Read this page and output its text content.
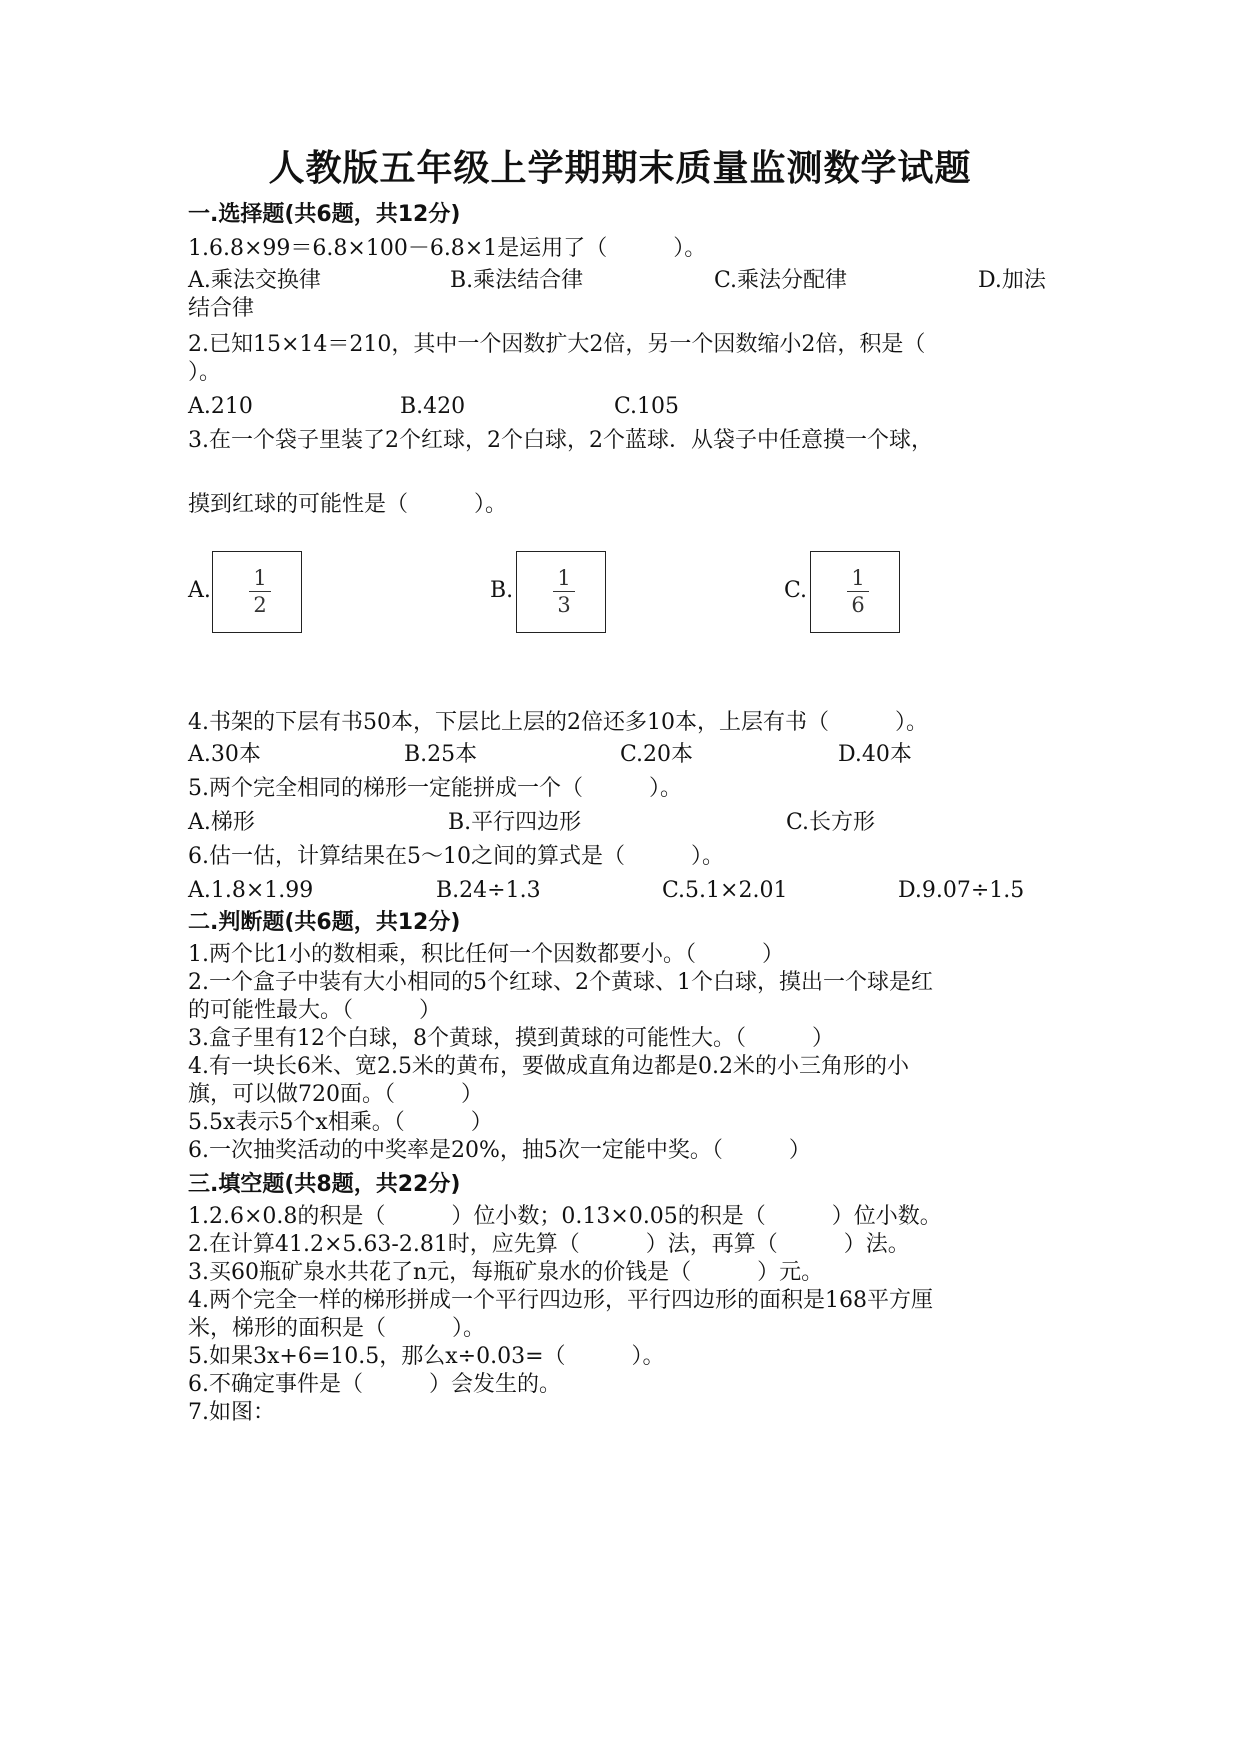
人教版五年级上学期期末质量监测数学试题
一.选择题(共6题，共12分)
1.6.8×99＝6.8×100－6.8×1是运用了（　　　）。
A.乘法交换律	B.乘法结合律	C.乘法分配律	D.加法
结合律
2.已知15×14＝210，其中一个因数扩大2倍，另一个因数缩小2倍，积是（
）。
A.210	B.420	C.105
3.在一个袋子里装了2个红球，2个白球，2个蓝球．从袋子中任意摸一个球，
摸到红球的可能性是（　　　）。
A. 1
2
B. 1
3
C. 1
6
4.书架的下层有书50本，下层比上层的2倍还多10本，上层有书（　　　）。
A.30本	B.25本	C.20本	D.40本
5.两个完全相同的梯形一定能拼成一个（　　　）。
A.梯形	B.平行四边形	C.长方形
6.估一估，计算结果在5～10之间的算式是（　　　）。
A.1.8×1.99	B.24÷1.3	C.5.1×2.01	D.9.07÷1.5
二.判断题(共6题，共12分)
1.两个比1小的数相乘，积比任何一个因数都要小。（　　　）
2.一个盒子中装有大小相同的5个红球、2个黄球、1个白球，摸出一个球是红
的可能性最大。（　　　）
3.盒子里有12个白球，8个黄球，摸到黄球的可能性大。（　　　）
4.有一块长6米、宽2.5米的黄布，要做成直角边都是0.2米的小三角形的小
旗，可以做720面。（　　　）
5.5x表示5个x相乘。（　　　）
6.一次抽奖活动的中奖率是20%，抽5次一定能中奖。（　　　）
三.填空题(共8题，共22分)
1.2.6×0.8的积是（　　　）位小数；0.13×0.05的积是（　　　）位小数。
2.在计算41.2×5.63-2.81时，应先算（　　　）法，再算（　　　）法。
3.买60瓶矿泉水共花了n元，每瓶矿泉水的价钱是（　　　）元。
4.两个完全一样的梯形拼成一个平行四边形，平行四边形的面积是168平方厘
米，梯形的面积是（　　　）。
5.如果3x+6=10.5，那么x÷0.03=（　　　）。
6.不确定事件是（　　　）会发生的。
7.如图：
